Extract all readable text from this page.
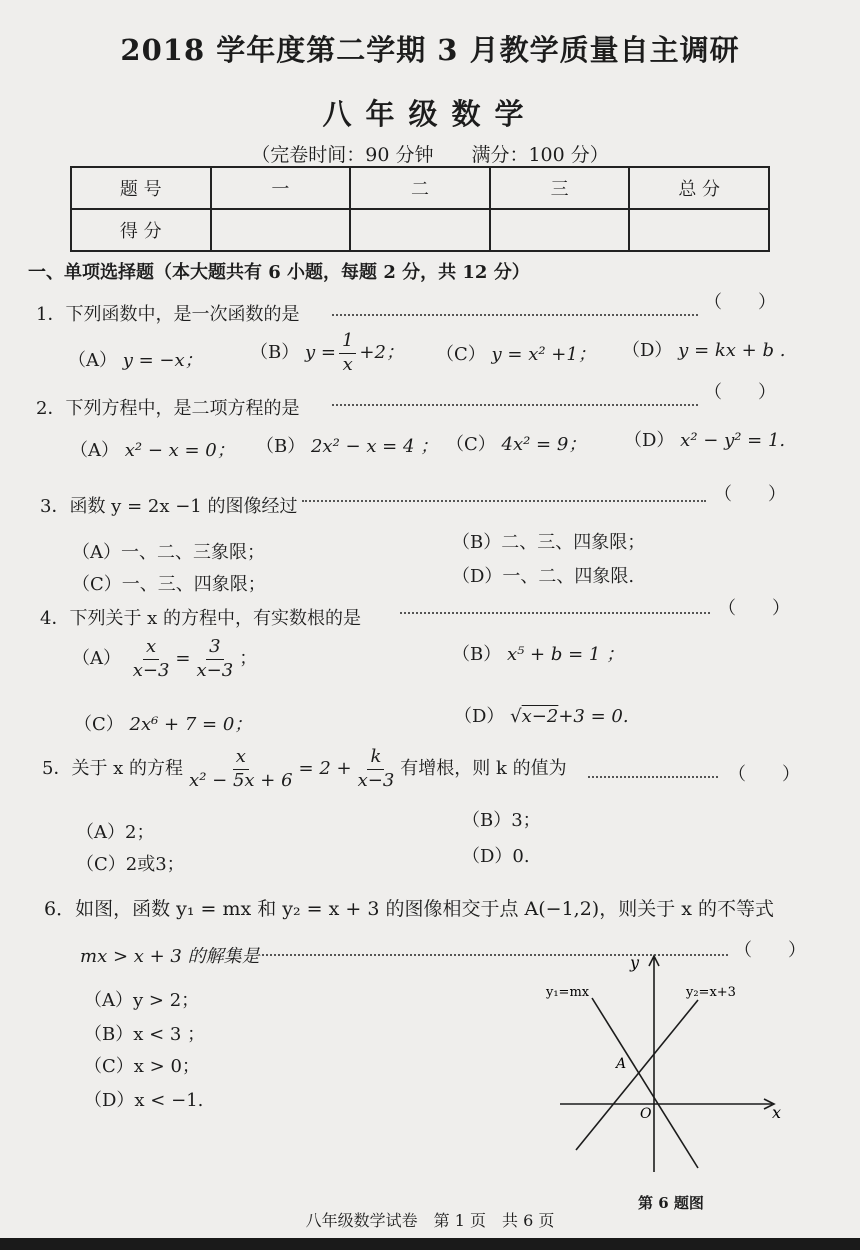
2018 学年度第二学期 3 月教学质量自主调研
八年级数学
（完卷时间：90 分钟　　满分：100 分）
题 号	一	二	三	总 分
得 分				
一、单项选择题（本大题共有 6 小题，每题 2 分，共 12 分）
1．下列函数中，是一次函数的是
（　　）
（A） y = −x；	（B） $y = \frac{1}{x} +2$； （C） y = x² +1； （D） y = kx + b .
2．下列方程中，是二项方程的是
（　　）
（A） x² − x = 0； （B） 2x² − x = 4 ； （C） 4x² = 9； （D） x² − y² = 1.
3．函数 y = 2x −1 的图像经过
（　　）
（A）一、二、三象限；	（B）二、三、四象限；
（C）一、三、四象限；	（D）一、二、四象限.
4．下列关于 x 的方程中，有实数根的是	（　　）
$(A) \frac{x}{x-3} = \frac{3}{x-3}$ ；	（B） x⁵ + b = 1 ；
（C） 2x⁶ + 7 = 0；	（D） √x−2+3 = 0.
5．关于 x 的方程 $\frac{x}{\text{x² − 5x + 6}} = 2 + \frac{k}{x-3}$ 有增根，则 k 的值为	（　　）
（A）2；
（B）3；
（C）2或3；	（D）0.
6．如图，函数 y₁ = mx 和 y₂ = x + 3 的图像相交于点 A(−1,2)，则关于 x 的不等式
mx > x + 3 的解集是	（　　）
（A）y > 2；
（B）x < 3 ；
（C）x > 0；
（D）x < −1.
y
x
O
A
y₁=mx	y₂=x+3
第 6 题图
八年级数学试卷　第 1 页　共 6 页
